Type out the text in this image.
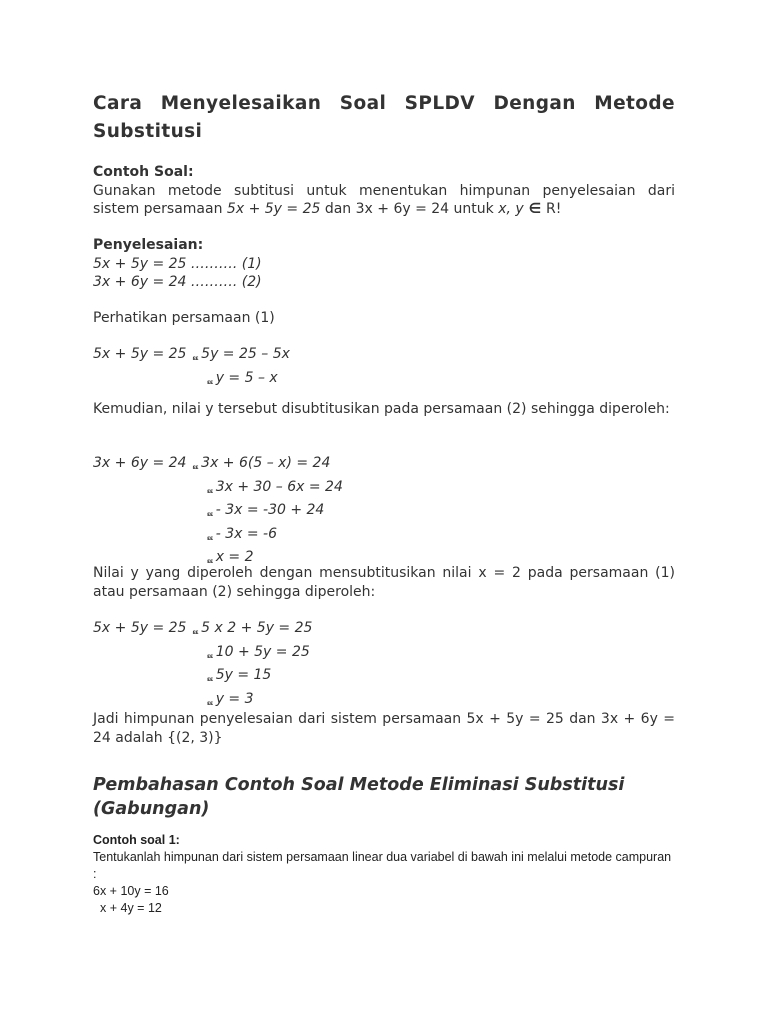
Cara Menyelesaikan Soal SPLDV Dengan Metode Substitusi
Contoh Soal:
Gunakan metode subtitusi untuk menentukan himpunan penyelesaian dari
sistem persamaan 5x + 5y = 25 dan 3x + 6y = 24 untuk x, y ∈ R!
Penyelesaian:
5x + 5y = 25 ………. (1)
3x + 6y = 24 ………. (2)
Perhatikan persamaan (1)
5x + 5y = 25 ɛɛ 5y = 25 – 5x
ɛɛ y = 5 – x
Kemudian, nilai y tersebut disubtitusikan pada persamaan (2) sehingga diperoleh:
3x + 6y = 24 ɛɛ 3x + 6(5 – x) = 24
ɛɛ 3x + 30 – 6x = 24
ɛɛ - 3x = -30 + 24
ɛɛ - 3x = -6
ɛɛ x = 2
Nilai y yang diperoleh dengan mensubtitusikan nilai x = 2 pada persamaan (1) atau persamaan (2) sehingga diperoleh:
5x + 5y = 25 ɛɛ 5 x 2 + 5y = 25
ɛɛ 10 + 5y = 25
ɛɛ 5y = 15
ɛɛ y = 3
Jadi himpunan penyelesaian dari sistem persamaan 5x + 5y = 25 dan 3x + 6y = 24 adalah {(2, 3)}
Pembahasan Contoh Soal Metode Eliminasi Substitusi (Gabungan)
Contoh soal 1:
Tentukanlah himpunan dari sistem persamaan linear dua variabel di bawah ini melalui metode campuran :
6x + 10y = 16
x + 4y = 12
